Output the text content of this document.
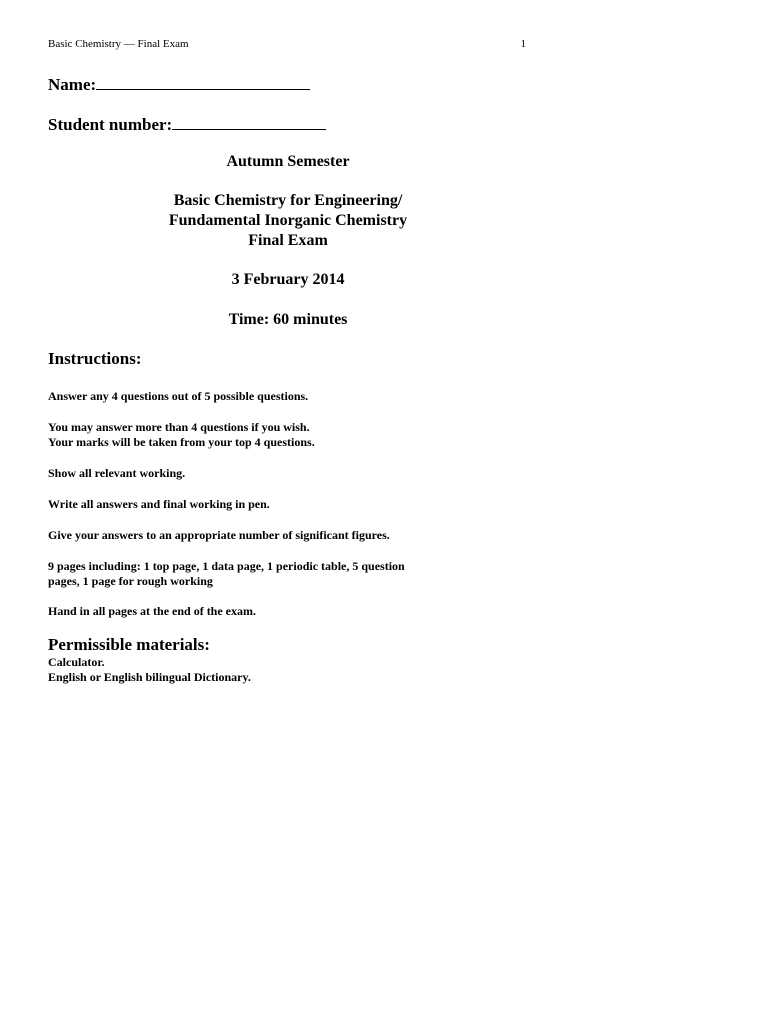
Basic Chemistry — Final Exam	1
Name:
Student number:
Autumn Semester
Basic Chemistry for Engineering/
Fundamental Inorganic Chemistry
Final Exam
3 February 2014
Time: 60 minutes
Instructions:
Answer any 4 questions out of 5 possible questions.
You may answer more than 4 questions if you wish.
Your marks will be taken from your top 4 questions.
Show all relevant working.
Write all answers and final working in pen.
Give your answers to an appropriate number of significant figures.
9 pages including: 1 top page, 1 data page, 1 periodic table, 5 question
pages, 1 page for rough working
Hand in all pages at the end of the exam.
Permissible materials:
Calculator.
English or English bilingual Dictionary.
